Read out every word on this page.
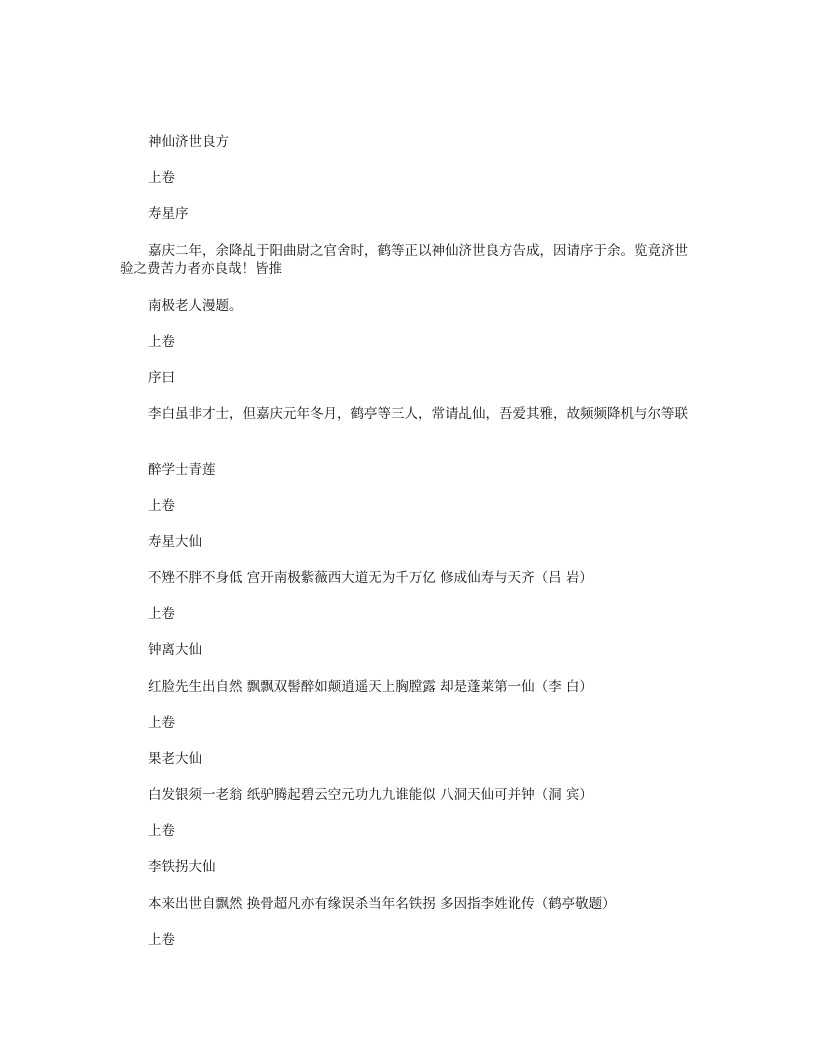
神仙济世良方

上卷

寿星序

嘉庆二年，余降乩于阳曲尉之官舍时，鹤等正以神仙济世良方告成，因请序于余。览竟济世验之费苦力者亦良哉！皆推

南极老人漫题。

上卷

序曰

李白虽非才士，但嘉庆元年冬月，鹤亭等三人，常请乩仙，吾爱其雅，故频频降机与尔等联

醉学士青莲

上卷

寿星大仙

不矬不胖不身低 宫开南极紫薇西大道无为千万亿 修成仙寿与天齐（吕 岩）

上卷

钟离大仙

红脸先生出自然 飘飘双髻醉如颠逍遥天上胸膛露 却是蓬莱第一仙（李 白）

上卷

果老大仙

白发银须一老翁 纸驴腾起碧云空元功九九谁能似 八洞天仙可并钟（洞 宾）

上卷

李铁拐大仙

本来出世自飘然 换骨超凡亦有缘误杀当年名铁拐 多因指李姓讹传（鹤亭敬题）

上卷
